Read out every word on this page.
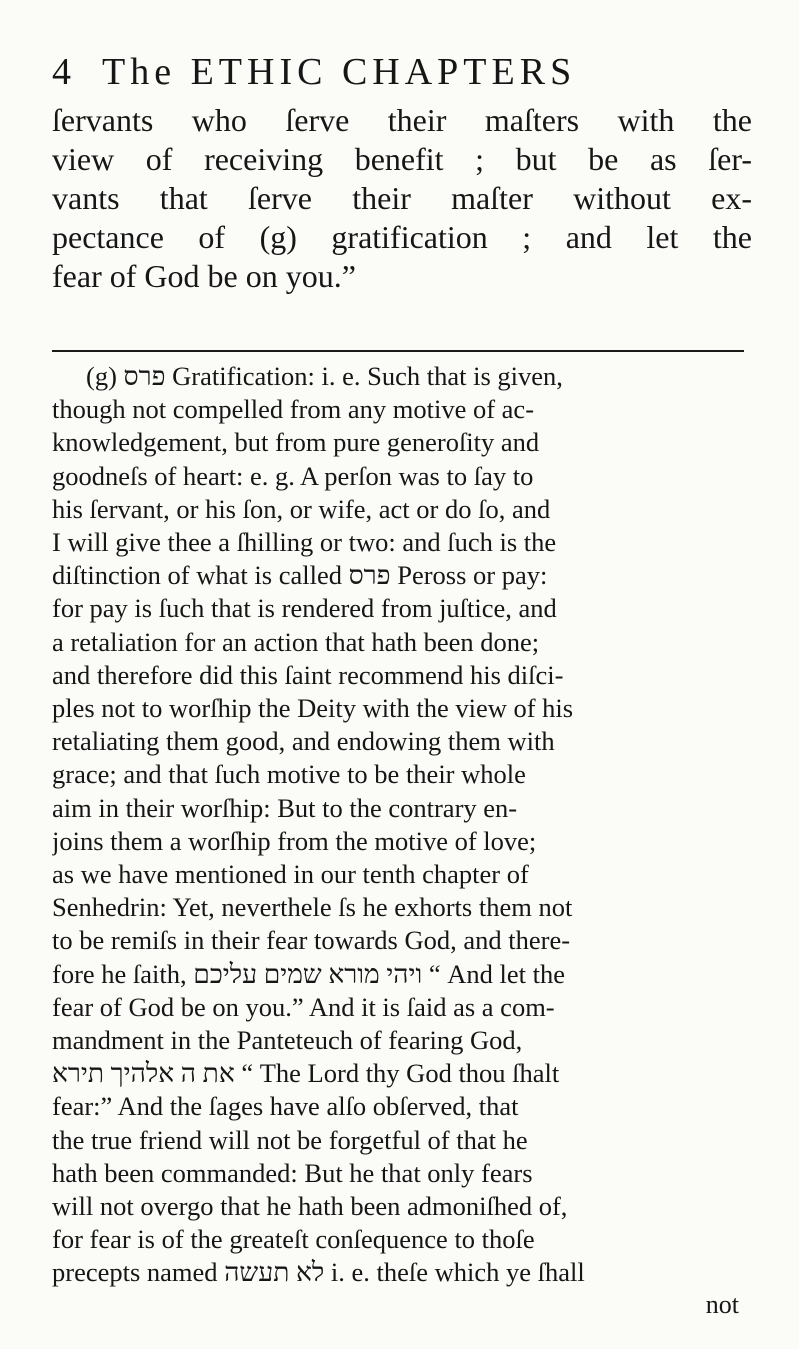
4 The ETHIC CHAPTERS
ſervants who ſerve their maſters with the
view of receiving benefit ; but be as ſer-
vants that ſerve their maſter without ex-
pectance of (g) gratification ; and let the
fear of God be on you.”
(g) פרס Gratification: i. e. Such that is given,
though not compelled from any motive of ac-
knowledgement, but from pure generoſity and
goodneſs of heart: e. g. A perſon was to ſay to
his ſervant, or his ſon, or wife, act or do ſo, and
I will give thee a ſhilling or two: and ſuch is the
diſtinction of what is called פרס Peross or pay:
for pay is ſuch that is rendered from juſtice, and
a retaliation for an action that hath been done;
and therefore did this ſaint recommend his diſci-
ples not to worſhip the Deity with the view of his
retaliating them good, and endowing them with
grace; and that ſuch motive to be their whole
aim in their worſhip: But to the contrary en-
joins them a worſhip from the motive of love;
as we have mentioned in our tenth chapter of
Senhedrin: Yet, neverthele ſs he exhorts them not
to be remiſs in their fear towards God, and there-
fore he ſaith, ויהי מורא שמים עליכם “ And let the
fear of God be on you.” And it is ſaid as a com-
mandment in the Panteteuch of fearing God,
את ה אלהיך תירא “ The Lord thy God thou ſhalt
fear:” And the ſages have alſo obſerved, that
the true friend will not be forgetful of that he
hath been commanded: But he that only fears
will not overgo that he hath been admoniſhed of,
for fear is of the greateſt conſequence to thoſe
precepts named לא תעשה i. e. theſe which ye ſhall
not
